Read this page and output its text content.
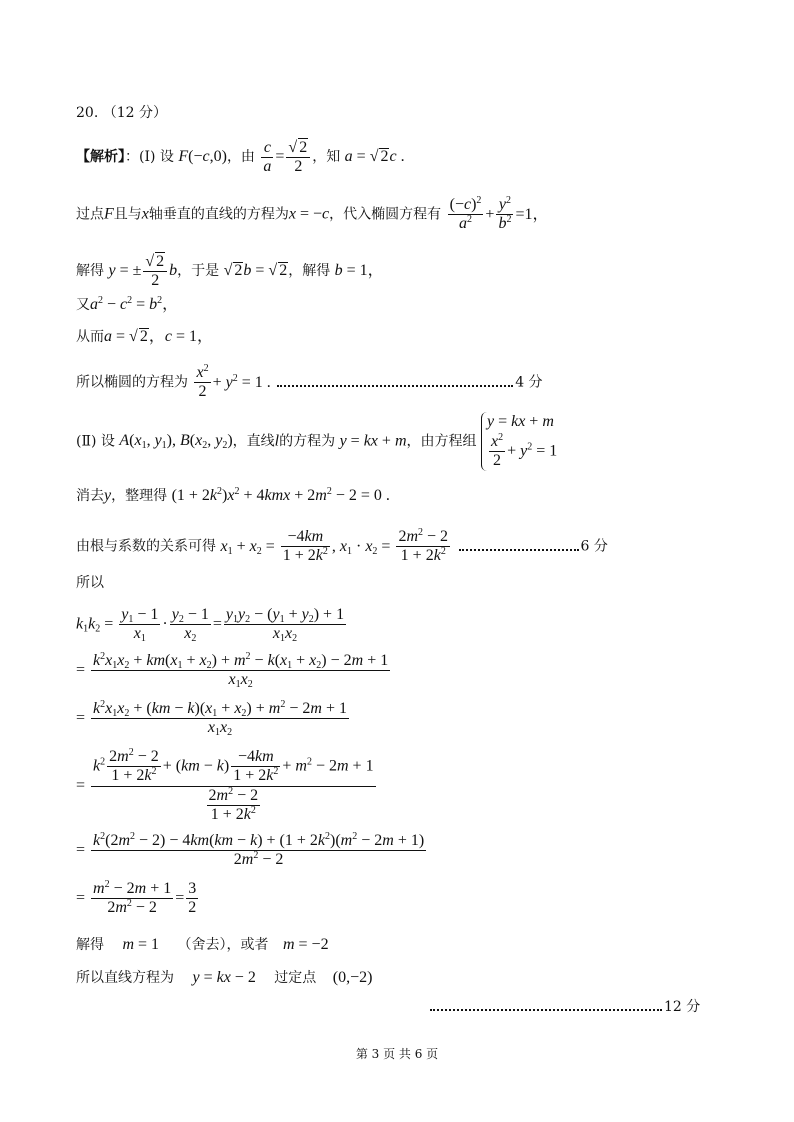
20. （12 分）
【解析】：(Ⅰ) 设 F(−c,0)，由 $\frac{c}{a} = \frac{√ 2}{2}$ ，知 a = √ 2c .
过点F且与x轴垂直的直线的方程为x = −c，代入椭圆方程有 $\frac{(-c)^2}{a^2} + \frac{y^2}{b^2} =1$，
解得 y = ± $\frac{√ 2}{2}$ b，于是 √ 2b = √ 2，解得 b = 1，
又$a^2 - c^2 = b^2$，
从而a = √ 2，c = 1，
所以椭圆的方程为 $\frac{x^2}{2} + y^2 = 1$ .	4 分
(Ⅱ) 设 $A(x_1$, $y_1$), $B(x_2$, $y_2$)，直线l的方程为 y = kx + m，由方程组
y = kx + m
$\frac{x^2}{2} + y^2 = 1$
消去y，整理得 $(1 + 2k^2)x^2 + 4kmx + 2m^2 - 2 = 0$ .
由根与系数的关系可得 $x_1 + x_2 = \frac{-4km}{1 + 2k^2}$ , $x_1 \cdot x_2 = \frac{2m^2 - 2}{1 + 2k^2}$	6 分
所以
$k_1k_2 = \frac{y_1 - 1}{x_1} \cdot \frac{y_2 - 1}{x_2} = \frac{y_1y_2 - (y_1 + y_2) + 1}{x_1x_2}$
= $\frac{k^2x_1x_2 + km(x_1 + x_2) + m^2 - k(x_1 + x_2) - 2m + 1}{x_1x_2}$
= $\frac{k^2x_1x_2 + (km - k)(x_1 + x_2) + m^2 - 2m + 1}{x_1x_2}$
= $\frac{k^2 \frac{2m^2 - 2}{1 + 2k^2} + (km - k) \frac{-4km}{1 + 2k^2} + m^2 - 2m + 1}{\frac{2m^2 - 2}{1 + 2k^2}}$
= $\frac{k^2(2m^2 - 2) - 4km(km - k) + (1 + 2k^2)(m^2 - 2m + 1)}{2m^2 - 2}$
= $\frac{m^2 - 2m + 1}{2m^2 - 2} = \frac{3}{2}$
解得 m = 1 （舍去），或者 m = −2
所以直线方程为 y = kx − 2 过定点 (0,−2)
12 分
第 3 页 共 6 页
